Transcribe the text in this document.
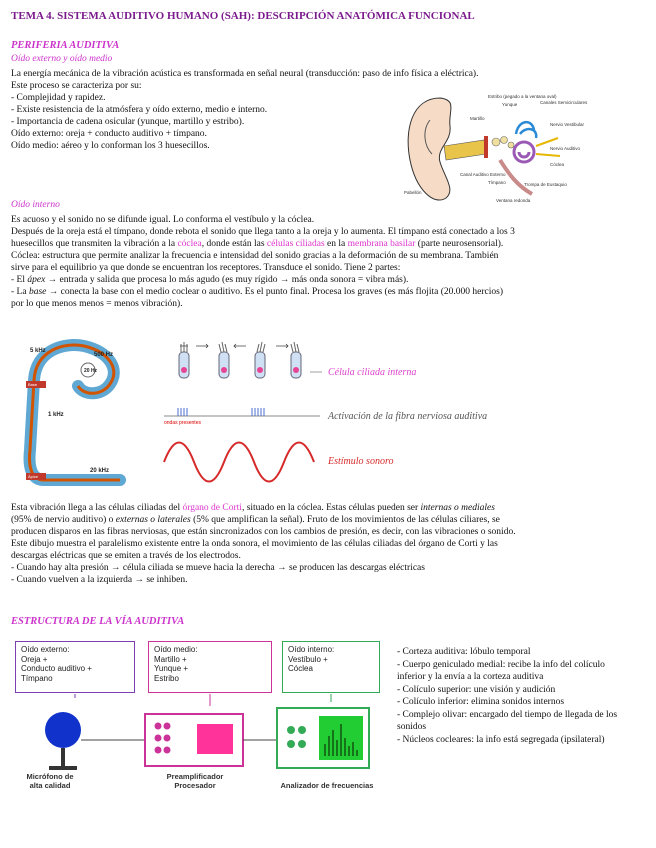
TEMA 4. SISTEMA AUDITIVO HUMANO (SAH): DESCRIPCIÓN ANATÓMICA FUNCIONAL
PERIFERIA AUDITIVA
Oído externo y oído medio
La energía mecánica de la vibración acústica es transformada en señal neural (transducción: paso de info física a eléctrica).
Este proceso se caracteriza por su:
- Complejidad y rapidez.
- Existe resistencia de la atmósfera y oído externo, medio e interno.
- Importancia de cadena osicular (yunque, martillo y estribo).
Oído externo: oreja + conducto auditivo + tímpano.
Oído medio: aéreo y lo conforman los 3 huesecillos.
Estribo (pegado a la ventana oval)
Yunque	Canales Semicirculares
Martillo
Nervio Vestibular
Nervio Auditivo
Cóclea
Pabellón
Canal Auditivo Externo
Tímpano	Trompa de Eustaquio
Ventana redonda
Oído interno
Es acuoso y el sonido no se difunde igual. Lo conforma el vestíbulo y la cóclea.
Después de la oreja está el tímpano, donde rebota el sonido que llega tanto a la oreja y lo aumenta. El tímpano está conectado a los 3
huesecillos que transmiten la vibración a la cóclea, donde están las células ciliadas en la membrana basilar (parte neurosensorial).
Cóclea: estructura que permite analizar la frecuencia e intensidad del sonido gracias a la deformación de su membrana. También
sirve para el equilibrio ya que donde se encuentran los receptores. Transduce el sonido. Tiene 2 partes:
- El ápex → entrada y salida que procesa lo más agudo (es muy rígido → más onda sonora = vibra más).
- La base → conecta la base con el medio coclear o auditivo. Es el punto final. Procesa los graves (es más flojita (20.000 hercios)
por lo que menos menos = menos vibración).
5 kHz
500 Hz
20 Hz
1 kHz
20 kHz
Base
Ápice
Célula ciliada interna
ondas presentes
Activación de la fibra nerviosa auditiva
Estímulo sonoro
Esta vibración llega a las células ciliadas del órgano de Corti, situado en la cóclea. Estas células pueden ser internas o mediales
(95% de nervio auditivo) o externas o laterales (5% que amplifican la señal). Fruto de los movimientos de las células ciliares, se
producen disparos en las fibras nerviosas, que están sincronizados con los cambios de presión, es decir, con las vibraciones o sonido.
Este dibujo muestra el paralelismo existente entre la onda sonora, el movimiento de las células ciliadas del órgano de Corti y las
descargas eléctricas que se emiten a través de los electrodos.
- Cuando hay alta presión → célula ciliada se mueve hacia la derecha → se producen las descargas eléctricas
- Cuando vuelven a la izquierda → se inhiben.
ESTRUCTURA DE LA VÍA AUDITIVA
Oído externo:
Oreja +
Conducto auditivo +
Tímpano
Oído medio:
Martillo +
Yunque +
Estribo
Oído interno:
Vestíbulo +
Cóclea
Micrófono de
alta calidad
Preamplificador
Procesador	Analizador de frecuencias
- Corteza auditiva: lóbulo temporal
- Cuerpo geniculado medial: recibe la info del colículo inferior y la envía a la corteza auditiva
- Colículo superior: une visión y audición
- Colículo inferior: elimina sonidos internos
- Complejo olivar: encargado del tiempo de llegada de los sonidos
- Núcleos cocleares: la info está segregada (ipsilateral)
